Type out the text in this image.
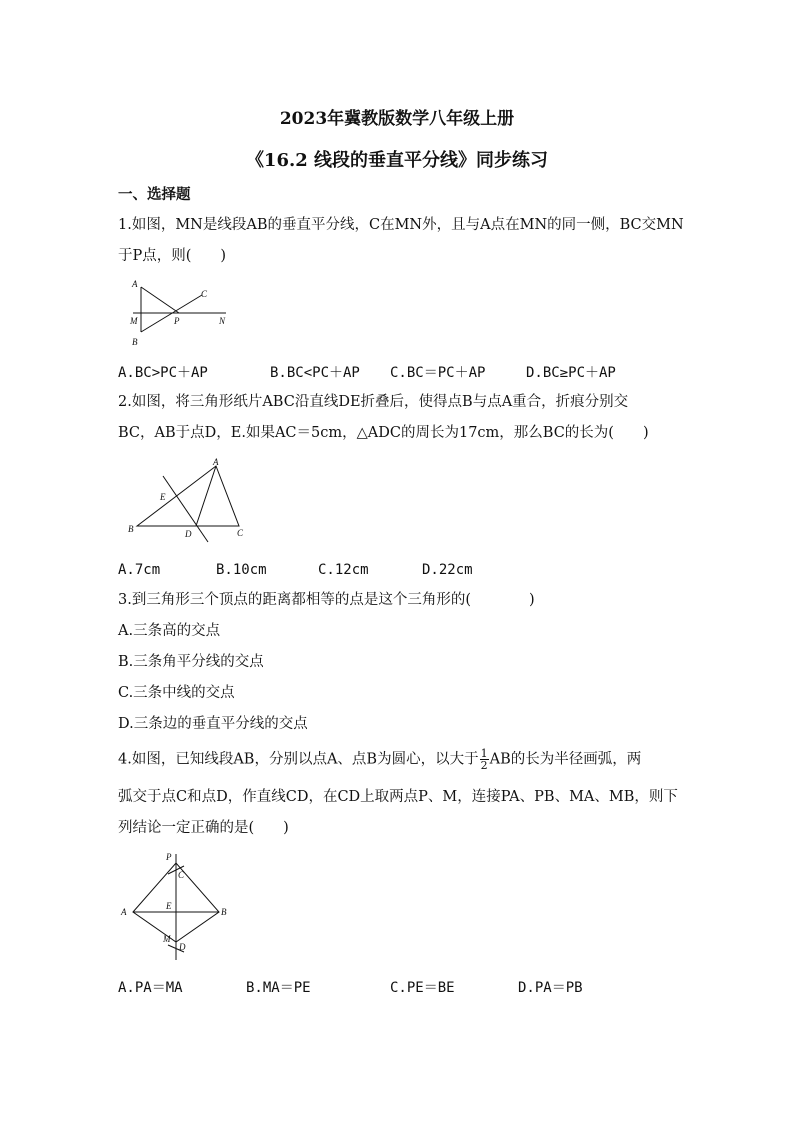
2023年冀教版数学八年级上册
《16.2 线段的垂直平分线》同步练习
一、选择题
1.如图，MN是线段AB的垂直平分线，C在MN外，且与A点在MN的同一侧，BC交MN
于P点，则(　　)
A
B
C
M	P	N
A.BC>PC＋AP	B.BC<PC＋AP C.BC＝PC＋AP	D.BC≥PC＋AP
2.如图，将三角形纸片ABC沿直线DE折叠后，使得点B与点A重合，折痕分别交
BC，AB于点D，E.如果AC＝5cm，△ADC的周长为17cm，那么BC的长为(　　)
A
B	C
D
E
A.7cm	B.10cm	C.12cm	D.22cm
3.到三角形三个顶点的距离都相等的点是这个三角形的(　　　　)
A.三条高的交点
B.三条角平分线的交点
C.三条中线的交点
D.三条边的垂直平分线的交点
4.如图，已知线段AB，分别以点A、点B为圆心，以大于 $\frac{1}{2}$ AB的长为半径画弧，两
弧交于点C和点D，作直线CD，在CD上取两点P、M，连接PA、PB、MA、MB，则下
列结论一定正确的是(　　)
P
C
A
E
B
M
D
A.PA＝MA	B.MA＝PE	C.PE＝BE	D.PA＝PB
